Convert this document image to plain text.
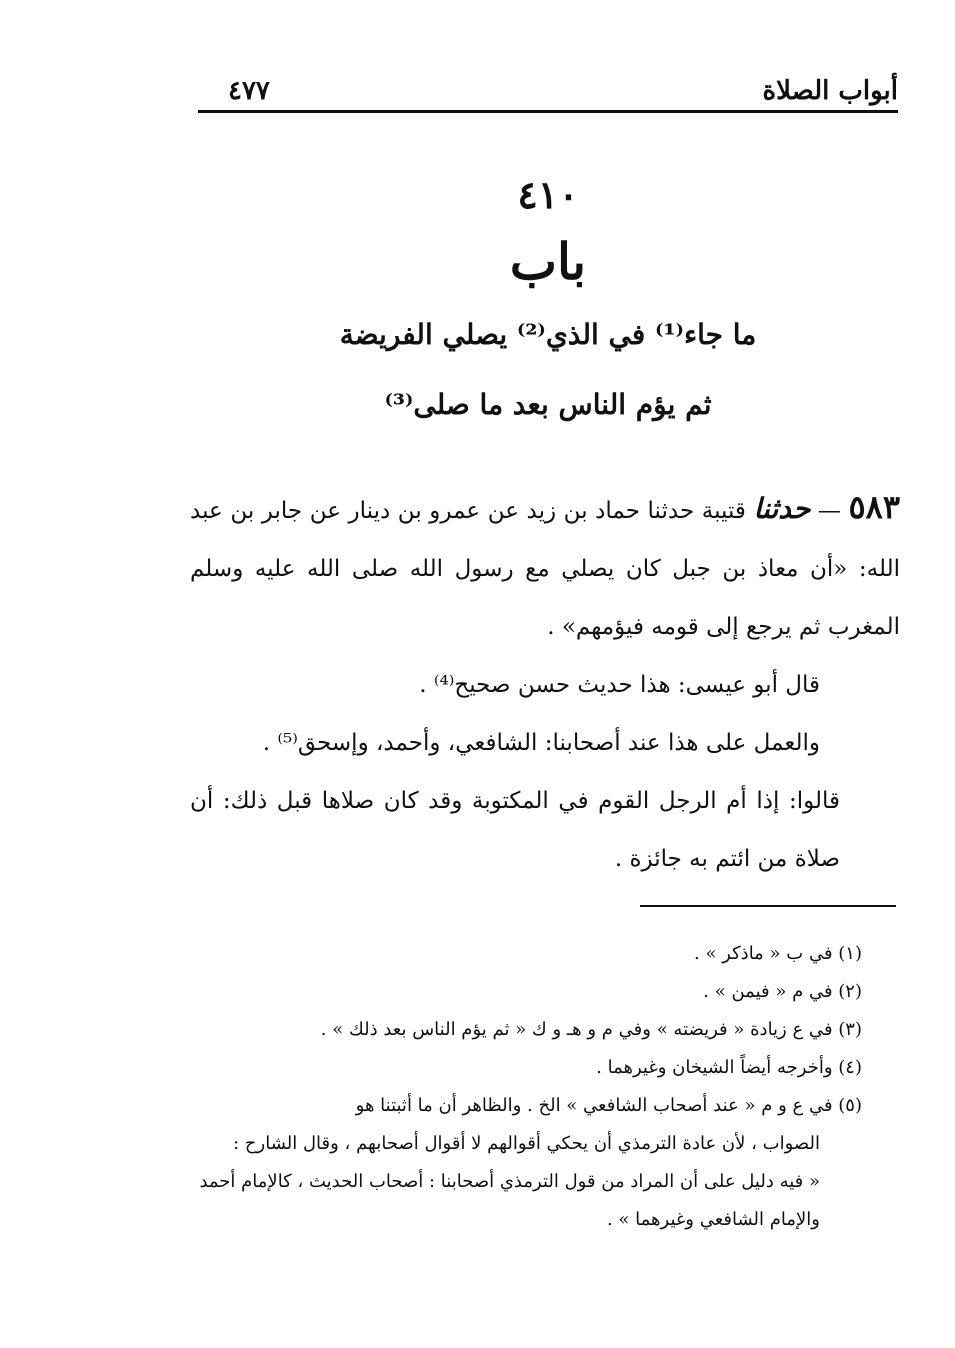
٤٧٧	أبواب الصلاة
٤١٠
باب
ما جاء⁽¹⁾ في الذي⁽²⁾ يصلي الفريضة
ثم يؤم الناس بعد ما صلى⁽³⁾

٥٨٣ — حدثنا قتيبة حدثنا حماد بن زيد عن عمرو بن دينار عن جابر بن عبد الله: «أن معاذ بن جبل كان يصلي مع رسول الله صلى الله عليه وسلم المغرب ثم يرجع إلى قومه فيؤمهم» .

قال أبو عيسى: هذا حديث حسن صحيح⁽⁴⁾ .

والعمل على هذا عند أصحابنا: الشافعي، وأحمد، وإسحق⁽⁵⁾ .

قالوا: إذا أم الرجل القوم في المكتوبة وقد كان صلاها قبل ذلك: أن صلاة من ائتم به جائزة .

(١) في ب « ماذكر » .

(٢) في م « فيمن » .

(٣) في ع زيادة « فريضته » وفي م و هـ و ك « ثم يؤم الناس بعد ذلك » .

(٤) وأخرجه أيضاً الشيخان وغيرهما .

(٥) في ع و م « عند أصحاب الشافعي » الخ . والظاهر أن ما أثبتنا هو

الصواب ، لأن عادة الترمذي أن يحكي أقوالهم لا أقوال أصحابهم ، وقال الشارح :

« فيه دليل على أن المراد من قول الترمذي أصحابنا : أصحاب الحديث ، كالإمام أحمد

والإمام الشافعي وغيرهما » .
